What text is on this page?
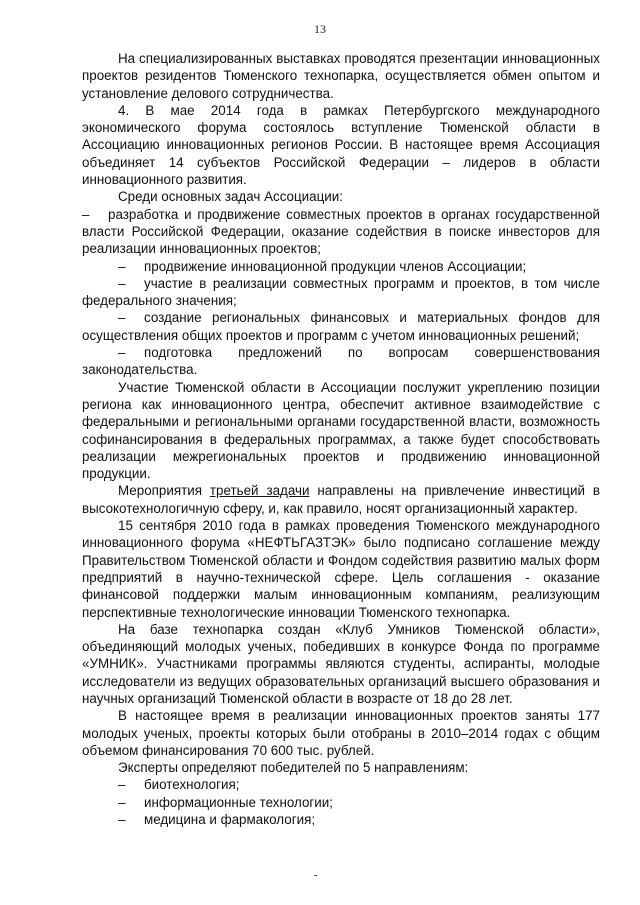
13

На специализированных выставках проводятся презентации инновационных проектов резидентов Тюменского технопарка, осуществляется обмен опытом и установление делового сотрудничества.

4. В мае 2014 года в рамках Петербургского международного экономического форума состоялось вступление Тюменской области в Ассоциацию инновационных регионов России. В настоящее время Ассоциация объединяет 14 субъектов Российской Федерации – лидеров в области инновационного развития.

Среди основных задач Ассоциации:

– разработка и продвижение совместных проектов в органах государственной власти Российской Федерации, оказание содействия в поиске инвесторов для реализации инновационных проектов;

– продвижение инновационной продукции членов Ассоциации;

– участие в реализации совместных программ и проектов, в том числе федерального значения;

– создание региональных финансовых и материальных фондов для осуществления общих проектов и программ с учетом инновационных решений;

– подготовка предложений по вопросам совершенствования законодательства.

Участие Тюменской области в Ассоциации послужит укреплению позиции региона как инновационного центра, обеспечит активное взаимодействие с федеральными и региональными органами государственной власти, возможность софинансирования в федеральных программах, а также будет способствовать реализации межрегиональных проектов и продвижению инновационной продукции.

Мероприятия третьей задачи направлены на привлечение инвестиций в высокотехнологичную сферу, и, как правило, носят организационный характер.

15 сентября 2010 года в рамках проведения Тюменского международного инновационного форума «НЕФТЬГАЗТЭК» было подписано соглашение между Правительством Тюменской области и Фондом содействия развитию малых форм предприятий в научно-технической сфере. Цель соглашения - оказание финансовой поддержки малым инновационным компаниям, реализующим перспективные технологические инновации Тюменского технопарка.

На базе технопарка создан «Клуб Умников Тюменской области», объединяющий молодых ученых, победивших в конкурсе Фонда по программе «УМНИК». Участниками программы являются студенты, аспиранты, молодые исследователи из ведущих образовательных организаций высшего образования и научных организаций Тюменской области в возрасте от 18 до 28 лет.

В настоящее время в реализации инновационных проектов заняты 177 молодых ученых, проекты которых были отобраны в 2010–2014 годах с общим объемом финансирования 70 600 тыс. рублей.

Эксперты определяют победителей по 5 направлениям:

– биотехнология;

– информационные технологии;

– медицина и фармакология;
